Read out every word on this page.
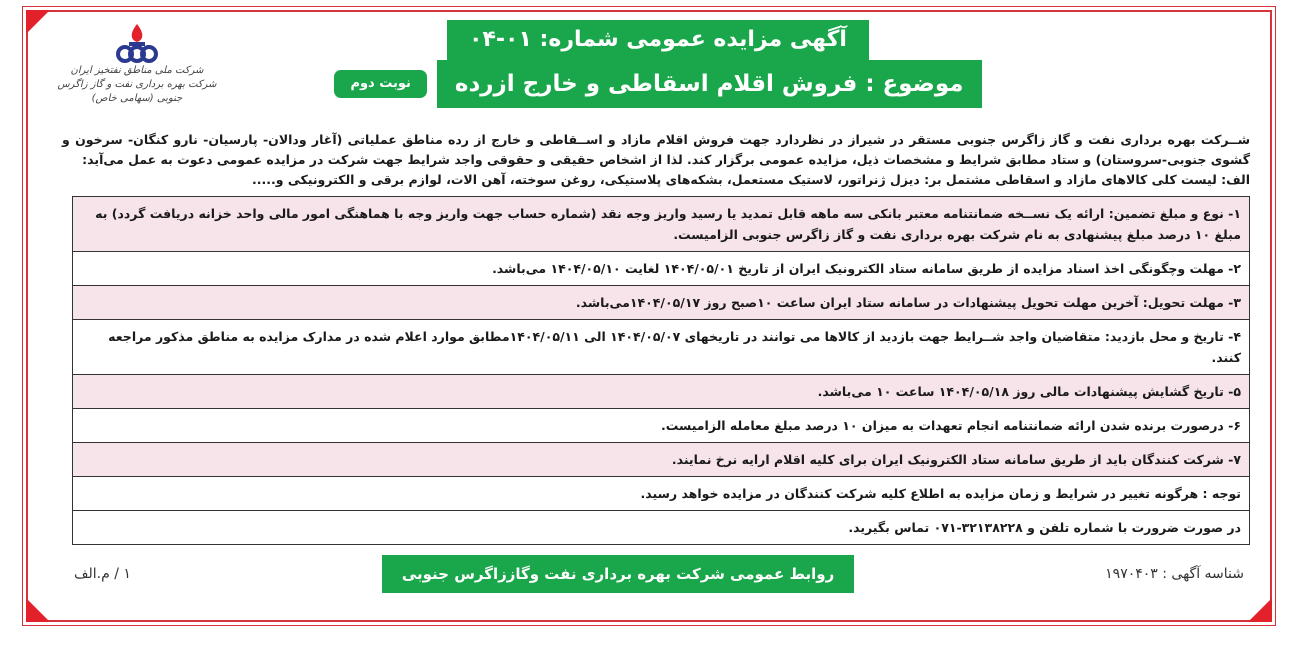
شرکت ملی مناطق نفتخیز ایران
شرکت بهره برداری نفت و گاز زاگرس جنوبی (سهامی خاص)
آگهی مزایده عمومی شماره: ۰۱-۰۴
نوبت دوم	موضوع : فروش اقلام اسقاطی و خارج ازرده

شــرکت بهره برداری نفت و گاز زاگرس جنوبی مستقر در شیراز در نظردارد جهت فروش اقلام مازاد و اســقاطی و خارج از رده مناطق عملیاتی (آغار ودالان- پارسیان- نارو کنگان- سرخون و گشوی جنوبی-سروستان) و ستاد مطابق شرایط و مشخصات ذیل، مزایده عمومی برگزار کند. لذا از اشخاص حقیقی و حقوقی واجد شرایط جهت شرکت در مزایده عمومی دعوت به عمل می‌آید:

الف: لیست کلی کالاهای مازاد و اسقاطی مشتمل بر: دیزل ژنراتور، لاستیک مستعمل، بشکه‌های پلاستیکی، روغن سوخته، آهن الات، لوازم برقی و الکترونیکی و.....

۱- نوع و مبلغ تضمین: ارائه یک نســخه ضمانتنامه معتبر بانکی سه ماهه قابل تمدید یا رسید واریز وجه نقد (شماره حساب جهت واریز وجه با هماهنگی امور مالی واحد خزانه دریافت گردد) به مبلغ ۱۰ درصد مبلغ پیشنهادی به نام شرکت بهره برداری نفت و گاز زاگرس جنوبی الزامیست.
۲- مهلت وچگونگی اخذ اسناد مزایده از طریق سامانه ستاد الکترونیک ایران از تاریخ ۱۴۰۴/۰۵/۰۱ لغایت ۱۴۰۴/۰۵/۱۰ می‌باشد.
۳- مهلت تحویل: آخرین مهلت تحویل پیشنهادات در سامانه ستاد ایران ساعت ۱۰صبح روز ۱۴۰۴/۰۵/۱۷می‌باشد.
۴- تاریخ و محل بازدید: متقاضیان واجد شــرایط جهت بازدید از کالاها می توانند در تاریخهای ۱۴۰۴/۰۵/۰۷ الی ۱۴۰۴/۰۵/۱۱مطابق موارد اعلام شده در مدارک مزایده به مناطق مذکور مراجعه کنند.
۵- تاریخ گشایش پیشنهادات مالی روز ۱۴۰۴/۰۵/۱۸ ساعت ۱۰ می‌باشد.
۶- درصورت برنده شدن ارائه ضمانتنامه انجام تعهدات به میزان ۱۰ درصد مبلغ معامله الزامیست.
۷- شرکت کنندگان باید از طریق سامانه ستاد الکترونیک ایران برای کلیه اقلام ارایه نرخ نمایند.
توجه : هرگونه تغییر در شرایط و زمان مزایده به اطلاع کلیه شرکت کنندگان در مزایده خواهد رسید.
در صورت ضرورت با شماره تلفن و ۳۲۱۳۸۲۲۸-۰۷۱ تماس بگیرید.
۱ / م.الف	روابط عمومی شرکت بهره برداری نفت وگاززاگرس جنوبی	شناسه آگهی : ۱۹۷۰۴۰۳
